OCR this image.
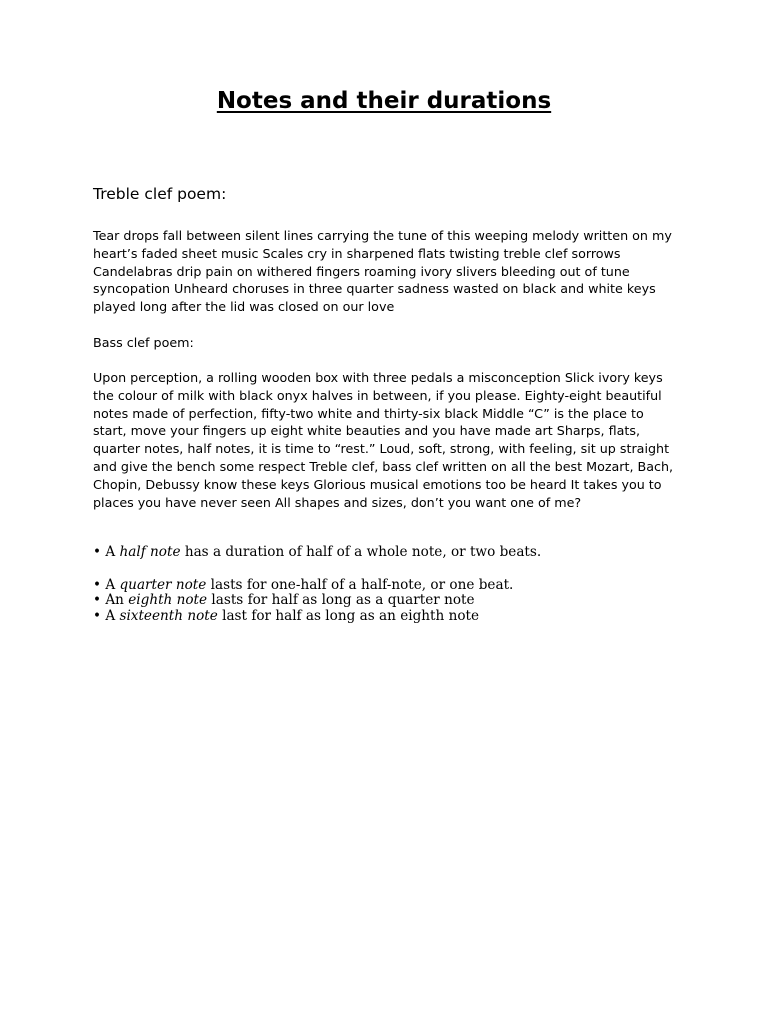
Notes and their durations

Treble clef poem:

Tear drops fall between silent lines carrying the tune of this weeping melody written on my heart’s faded sheet music Scales cry in sharpened flats twisting treble clef sorrows Candelabras drip pain on withered fingers roaming ivory slivers bleeding out of tune syncopation Unheard choruses in three quarter sadness wasted on black and white keys played long after the lid was closed on our love

Bass clef poem:

Upon perception, a rolling wooden box with three pedals a misconception Slick ivory keys the colour of milk with black onyx halves in between, if you please. Eighty-eight beautiful notes made of perfection, fifty-two white and thirty-six black Middle “C” is the place to start, move your fingers up eight white beauties and you have made art Sharps, flats, quarter notes, half notes, it is time to “rest.” Loud, soft, strong, with feeling, sit up straight and give the bench some respect Treble clef, bass clef written on all the best Mozart, Bach, Chopin, Debussy know these keys Glorious musical emotions too be heard It takes you to places you have never seen All shapes and sizes, don’t you want one of me?

• A half note has a duration of half of a whole note, or two beats.
• A quarter note lasts for one-half of a half-note, or one beat.
• An eighth note lasts for half as long as a quarter note
• A sixteenth note last for half as long as an eighth note
